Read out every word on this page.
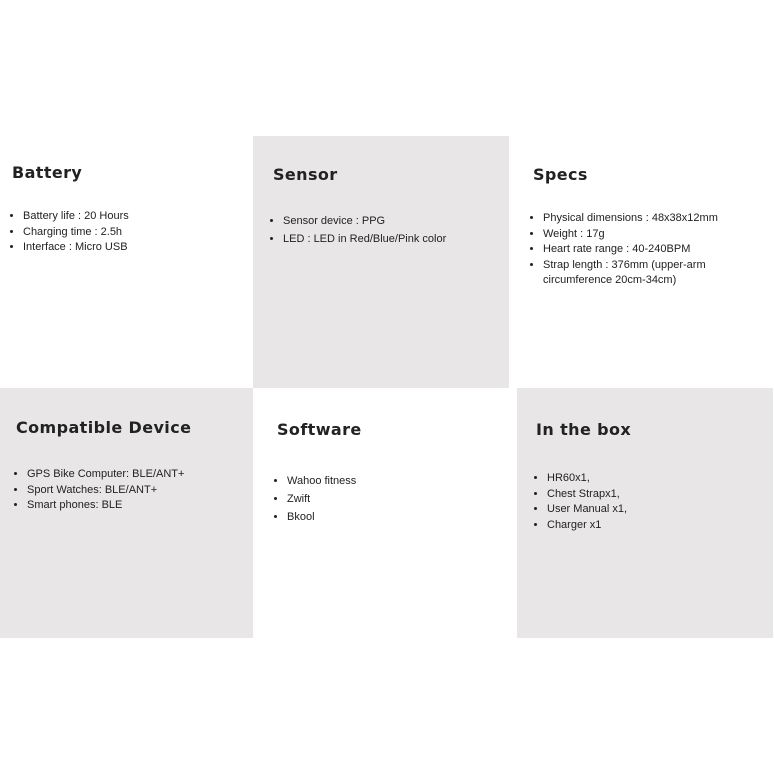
Battery
• Battery life : 20 Hours
• Charging time : 2.5h
• Interface : Micro USB
Sensor
• Sensor device : PPG
• LED : LED in Red/Blue/Pink color
Specs
• Physical dimensions : 48x38x12mm
• Weight : 17g
• Heart rate range : 40-240BPM
• Strap length : 376mm (upper-arm circumference 20cm-34cm)
Compatible Device
• GPS Bike Computer: BLE/ANT+
• Sport Watches: BLE/ANT+
• Smart phones: BLE
Software
• Wahoo fitness
• Zwift
• Bkool
In the box
• HR60x1,
• Chest Strapx1,
• User Manual x1,
• Charger x1
